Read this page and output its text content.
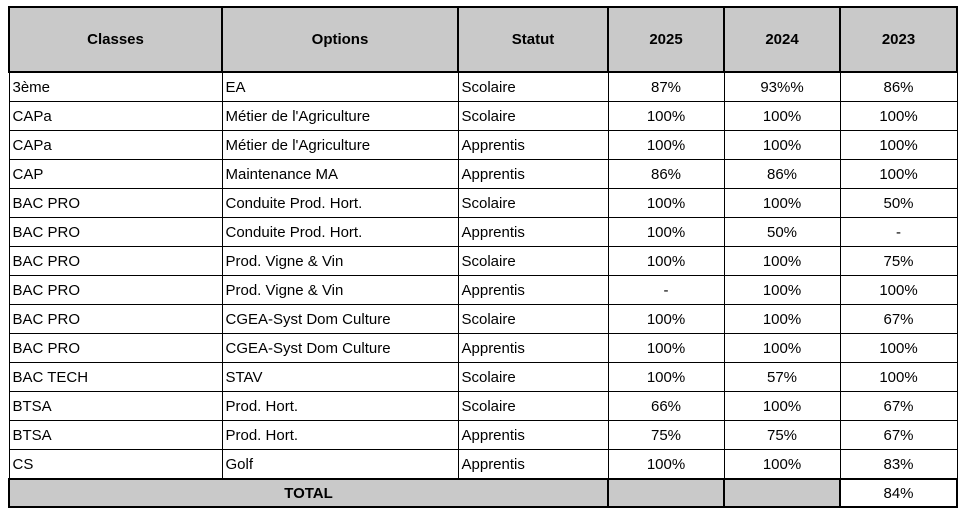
Classes	Options	Statut	2025	2024	2023
3ème	EA	Scolaire	87%	93%%	86%
CAPa	Métier de l'Agriculture	Scolaire	100%	100%	100%
CAPa	Métier de l'Agriculture	Apprentis	100%	100%	100%
CAP	Maintenance MA	Apprentis	86%	86%	100%
BAC PRO	Conduite Prod. Hort.	Scolaire	100%	100%	50%
BAC PRO	Conduite Prod. Hort.	Apprentis	100%	50%	-
BAC PRO	Prod. Vigne & Vin	Scolaire	100%	100%	75%
BAC PRO	Prod. Vigne & Vin	Apprentis	-	100%	100%
BAC PRO	CGEA-Syst Dom Culture	Scolaire	100%	100%	67%
BAC PRO	CGEA-Syst Dom Culture	Apprentis	100%	100%	100%
BAC TECH	STAV	Scolaire	100%	57%	100%
BTSA	Prod. Hort.	Scolaire	66%	100%	67%
BTSA	Prod. Hort.	Apprentis	75%	75%	67%
CS	Golf	Apprentis	100%	100%	83%
TOTAL					84%
